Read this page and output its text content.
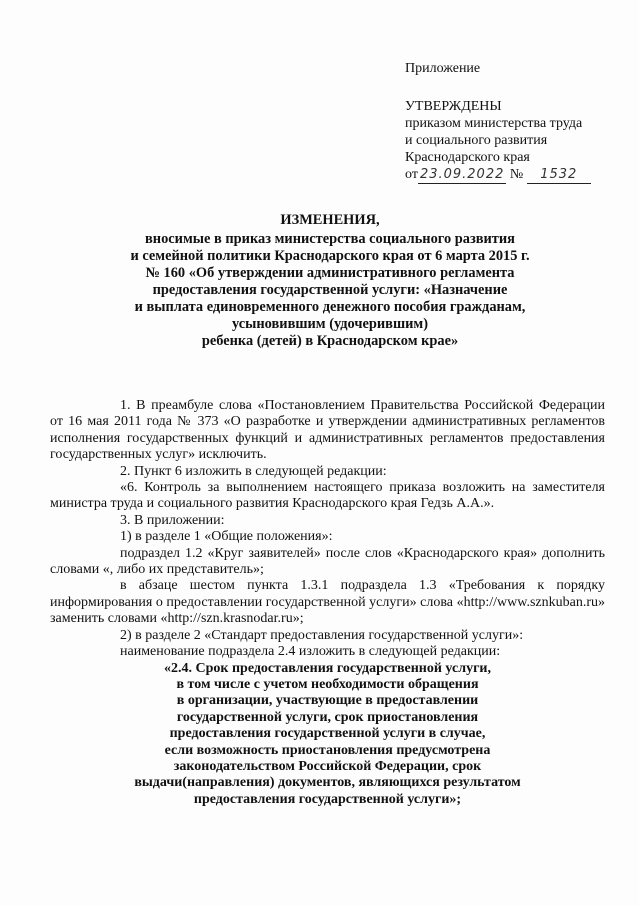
Приложение
УТВЕРЖДЕНЫ
приказом министерства труда
и социального развития
Краснодарского края
от 23.09.2022 № 1532
ИЗМЕНЕНИЯ,
вносимые в приказ министерства социального развития
и семейной политики Краснодарского края от 6 марта 2015 г.
№ 160 «Об утверждении административного регламента
предоставления государственной услуги: «Назначение
и выплата единовременного денежного пособия гражданам,
усыновившим (удочерившим)
ребенка (детей) в Краснодарском крае»

1. В преамбуле слова «Постановлением Правительства Российской Федерации от 16 мая 2011 года № 373 «О разработке и утверждении административных регламентов исполнения государственных функций и административных регламентов предоставления государственных услуг» исключить.

2. Пункт 6 изложить в следующей редакции:

«6. Контроль за выполнением настоящего приказа возложить на заместителя министра труда и социального развития Краснодарского края Гедзь А.А.».

3. В приложении:

1) в разделе 1 «Общие положения»:

подраздел 1.2 «Круг заявителей» после слов «Краснодарского края» дополнить словами «, либо их представитель»;

в абзаце шестом пункта 1.3.1 подраздела 1.3 «Требования к порядку информирования о предоставлении государственной услуги» слова «http://www.sznkuban.ru» заменить словами «http://szn.krasnodar.ru»;

2) в разделе 2 «Стандарт предоставления государственной услуги»:

наименование подраздела 2.4 изложить в следующей редакции:

«2.4. Срок предоставления государственной услуги,
в том числе с учетом необходимости обращения
в организации, участвующие в предоставлении
государственной услуги, срок приостановления
предоставления государственной услуги в случае,
если возможность приостановления предусмотрена
законодательством Российской Федерации, срок
выдачи(направления) документов, являющихся результатом
предоставления государственной услуги»;
